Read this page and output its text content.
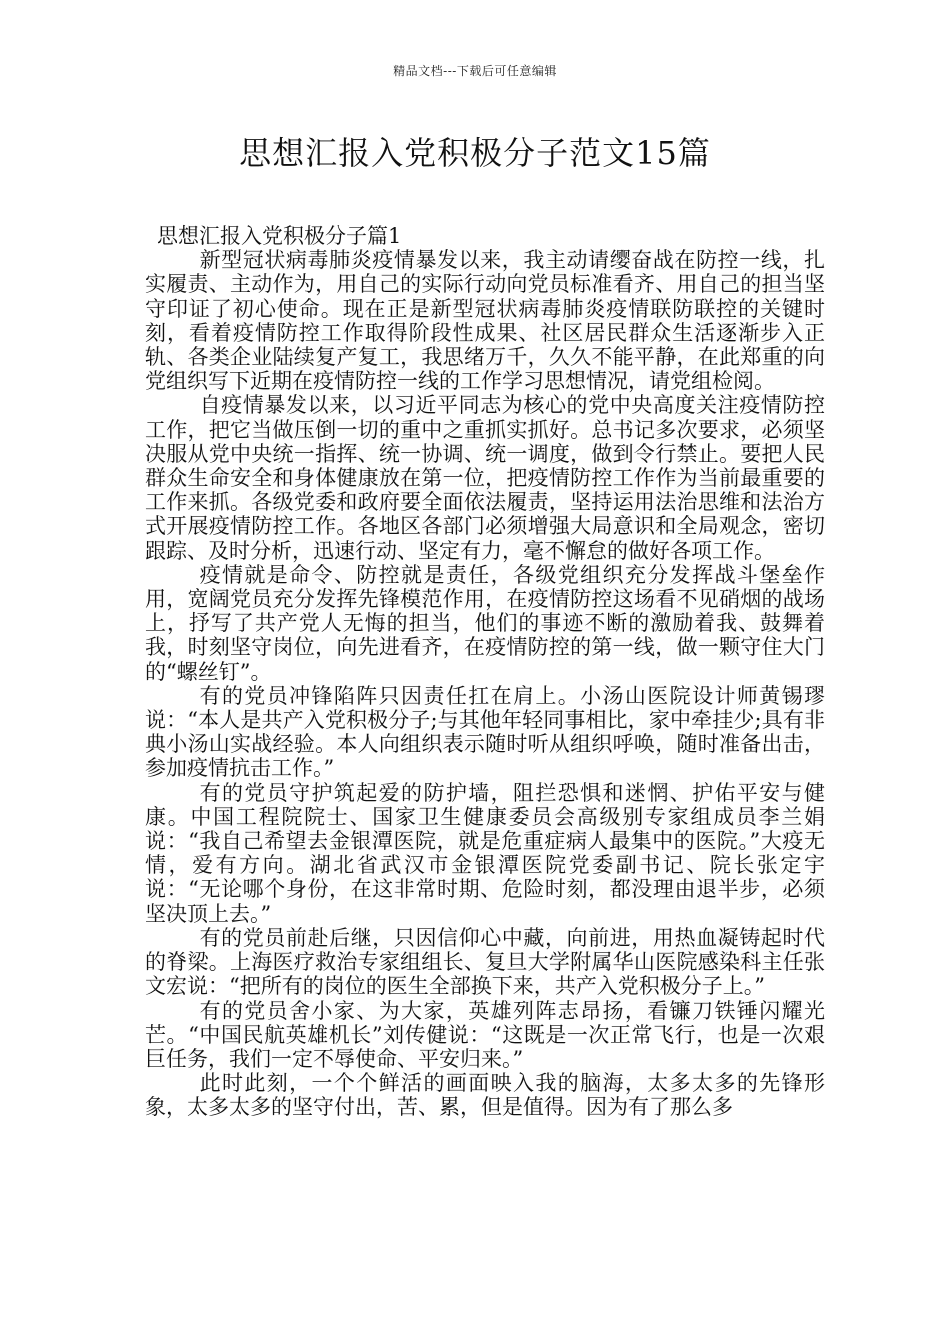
精品文档---下载后可任意编辑
思想汇报入党积极分子范文15篇

思想汇报入党积极分子篇1

新型冠状病毒肺炎疫情暴发以来，我主动请缨奋战在防控一线，扎实履责、主动作为，用自己的实际行动向党员标准看齐、用自己的担当坚守印证了初心使命。现在正是新型冠状病毒肺炎疫情联防联控的关键时刻，看着疫情防控工作取得阶段性成果、社区居民群众生活逐渐步入正轨、各类企业陆续复产复工，我思绪万千，久久不能平静，在此郑重的向党组织写下近期在疫情防控一线的工作学习思想情况，请党组检阅。

自疫情暴发以来，以习近平同志为核心的党中央高度关注疫情防控工作，把它当做压倒一切的重中之重抓实抓好。总书记多次要求，必须坚决服从党中央统一指挥、统一协调、统一调度，做到令行禁止。要把人民群众生命安全和身体健康放在第一位，把疫情防控工作作为当前最重要的工作来抓。各级党委和政府要全面依法履责，坚持运用法治思维和法治方式开展疫情防控工作。各地区各部门必须增强大局意识和全局观念，密切跟踪、及时分析，迅速行动、坚定有力，毫不懈怠的做好各项工作。

疫情就是命令、防控就是责任，各级党组织充分发挥战斗堡垒作用，宽阔党员充分发挥先锋模范作用，在疫情防控这场看不见硝烟的战场上，抒写了共产党人无悔的担当，他们的事迹不断的激励着我、鼓舞着我，时刻坚守岗位，向先进看齐，在疫情防控的第一线，做一颗守住大门的“螺丝钉”。

有的党员冲锋陷阵只因责任扛在肩上。小汤山医院设计师黄锡璆说：“本人是共产入党积极分子;与其他年轻同事相比，家中牵挂少;具有非典小汤山实战经验。本人向组织表示随时听从组织呼唤，随时准备出击，参加疫情抗击工作。”

有的党员守护筑起爱的防护墙，阻拦恐惧和迷惘、护佑平安与健康。中国工程院院士、国家卫生健康委员会高级别专家组成员李兰娟说：“我自己希望去金银潭医院，就是危重症病人最集中的医院。”大疫无情，爱有方向。湖北省武汉市金银潭医院党委副书记、院长张定宇说：“无论哪个身份，在这非常时期、危险时刻，都没理由退半步，必须坚决顶上去。”

有的党员前赴后继，只因信仰心中藏，向前进，用热血凝铸起时代的脊梁。上海医疗救治专家组组长、复旦大学附属华山医院感染科主任张文宏说：“把所有的岗位的医生全部换下来，共产入党积极分子上。”

有的党员舍小家、为大家，英雄列阵志昂扬，看镰刀铁锤闪耀光芒。“中国民航英雄机长”刘传健说：“这既是一次正常飞行，也是一次艰巨任务，我们一定不辱使命、平安归来。”

此时此刻，一个个鲜活的画面映入我的脑海，太多太多的先锋形象，太多太多的坚守付出，苦、累，但是值得。因为有了那么多
